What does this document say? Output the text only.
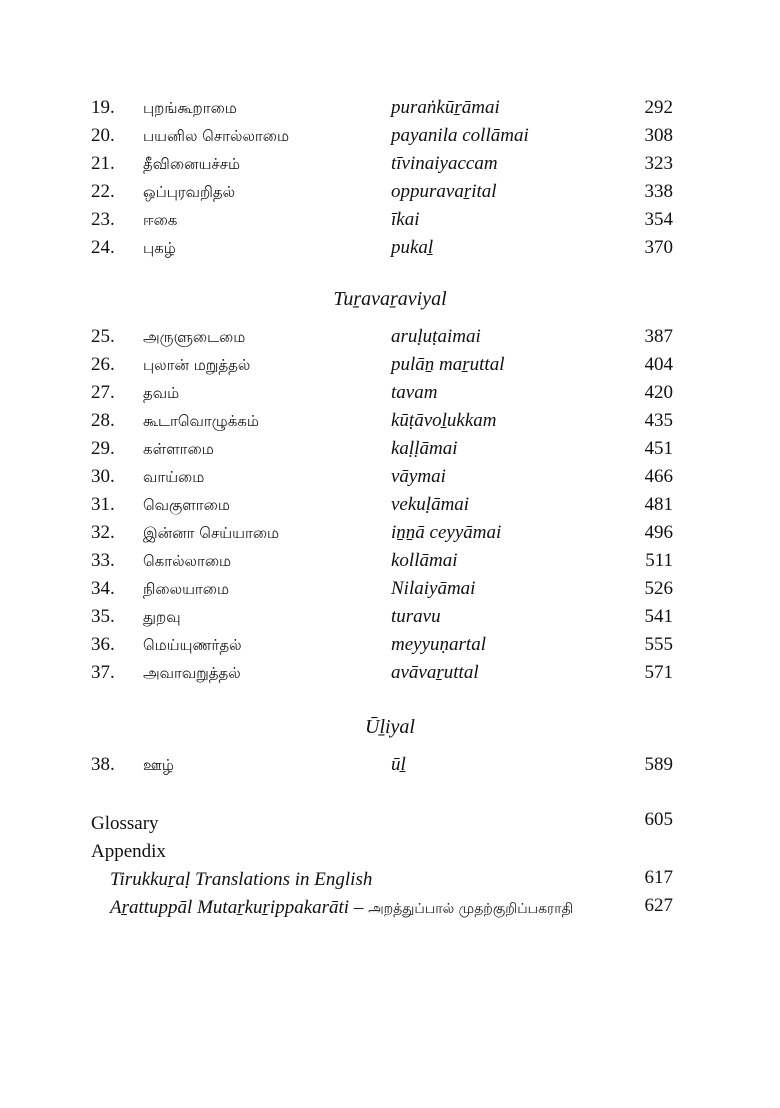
19. புறங்கூறாமை	puraṅkūṟāmai	292
20. பயனில சொல்லாமை	payanila collāmai	308
21. தீவினையச்சம்	tīvinaiyaccam	323
22. ஒப்புரவறிதல்	oppuravaṟital	338
23. ஈகை	īkai	354
24. புகழ்	pukaḻ	370
Tuṟavaṟaviyal
25. அருளுடைமை	aruḷuṭaimai	387
26. புலான் மறுத்தல்	pulāṉ maṟuttal	404
27. தவம்	tavam	420
28. கூடாவொழுக்கம்	kūṭāvoḻukkam	435
29. கள்ளாமை	kaḷḷāmai	451
30. வாய்மை	vāymai	466
31. வெகுளாமை	vekuḷāmai	481
32. இன்னா செய்யாமை	iṉṉā ceyyāmai	496
33. கொல்லாமை	kollāmai	511
34. நிலையாமை	Nilaiyāmai	526
35. துறவு	turavu	541
36. மெய்யுணர்தல்	meyyuṇartal	555
37. அவாவறுத்தல்	avāvaṟuttal	571
Ūḻiyal
38. ஊழ்	ūḻ	589
Glossary	605
Appendix
Tirukkuṟaḷ Translations in English	617
Aṟattuppāl Mutaṟkuṟippakarāti – அறத்துப்பால் முதற்குறிப்பகராதி	627
